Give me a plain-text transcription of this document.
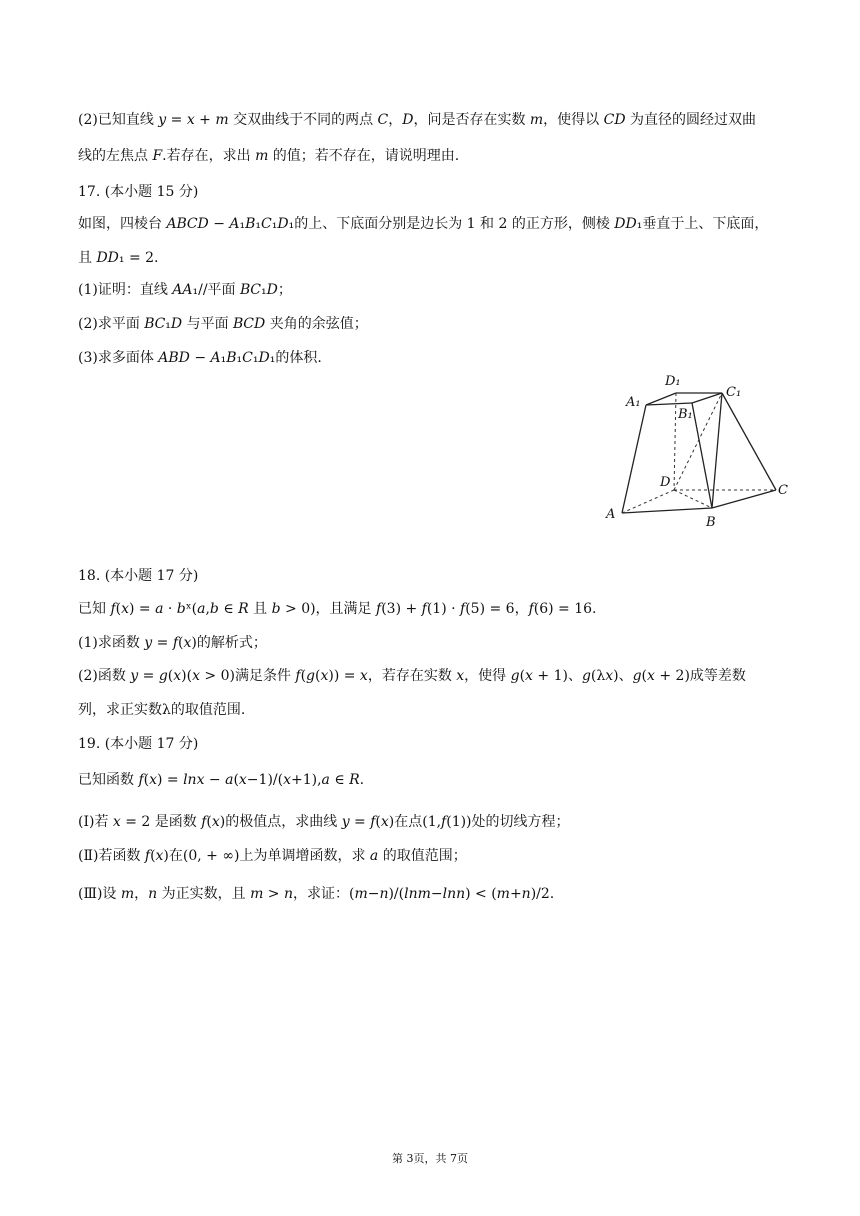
(2)已知直线 𝑦 = 𝑥 + 𝑚 交双曲线于不同的两点 𝐶，𝐷，问是否存在实数 𝑚，使得以 𝐶𝐷 为直径的圆经过双曲
线的左焦点 𝐹.若存在，求出 𝑚 的值；若不存在，请说明理由.
17. (本小题 15 分)
如图，四棱台 𝐴𝐵𝐶𝐷 − 𝐴₁𝐵₁𝐶₁𝐷₁的上、下底面分别是边长为 1 和 2 的正方形，侧棱 𝐷𝐷₁垂直于上、下底面，
且 𝐷𝐷₁ = 2.
(1)证明：直线 𝐴𝐴₁//平面 𝐵𝐶₁𝐷；
(2)求平面 𝐵𝐶₁𝐷 与平面 𝐵𝐶𝐷 夹角的余弦值；
(3)求多面体 𝐴𝐵𝐷 − 𝐴₁𝐵₁𝐶₁𝐷₁的体积.
A
B
C
D
A₁
B₁
C₁
D₁
18. (本小题 17 分)
已知 𝑓(𝑥) = 𝑎 · 𝑏ˣ(𝑎,𝑏 ∈ 𝑅 且 𝑏 > 0)，且满足 𝑓(3) + 𝑓(1) · 𝑓(5) = 6，𝑓(6) = 16.
(1)求函数 𝑦 = 𝑓(𝑥)的解析式；
(2)函数 𝑦 = 𝑔(𝑥)(𝑥 > 0)满足条件 𝑓(𝑔(𝑥)) = 𝑥，若存在实数 𝑥，使得 𝑔(𝑥 + 1)、𝑔(λ𝑥)、𝑔(𝑥 + 2)成等差数
列，求正实数λ的取值范围.
19. (本小题 17 分)
已知函数 𝑓(𝑥) = 𝑙𝑛𝑥 − 𝑎(𝑥−1)/(𝑥+1),𝑎 ∈ 𝑅.
(Ⅰ)若 𝑥 = 2 是函数 𝑓(𝑥)的极值点，求曲线 𝑦 = 𝑓(𝑥)在点(1,𝑓(1))处的切线方程；
(Ⅱ)若函数 𝑓(𝑥)在(0, + ∞)上为单调增函数，求 𝑎 的取值范围；
(Ⅲ)设 𝑚，𝑛 为正实数，且 𝑚 > 𝑛，求证：(𝑚−𝑛)/(𝑙𝑛𝑚−𝑙𝑛𝑛) < (𝑚+𝑛)/2.
第 3页，共 7页
